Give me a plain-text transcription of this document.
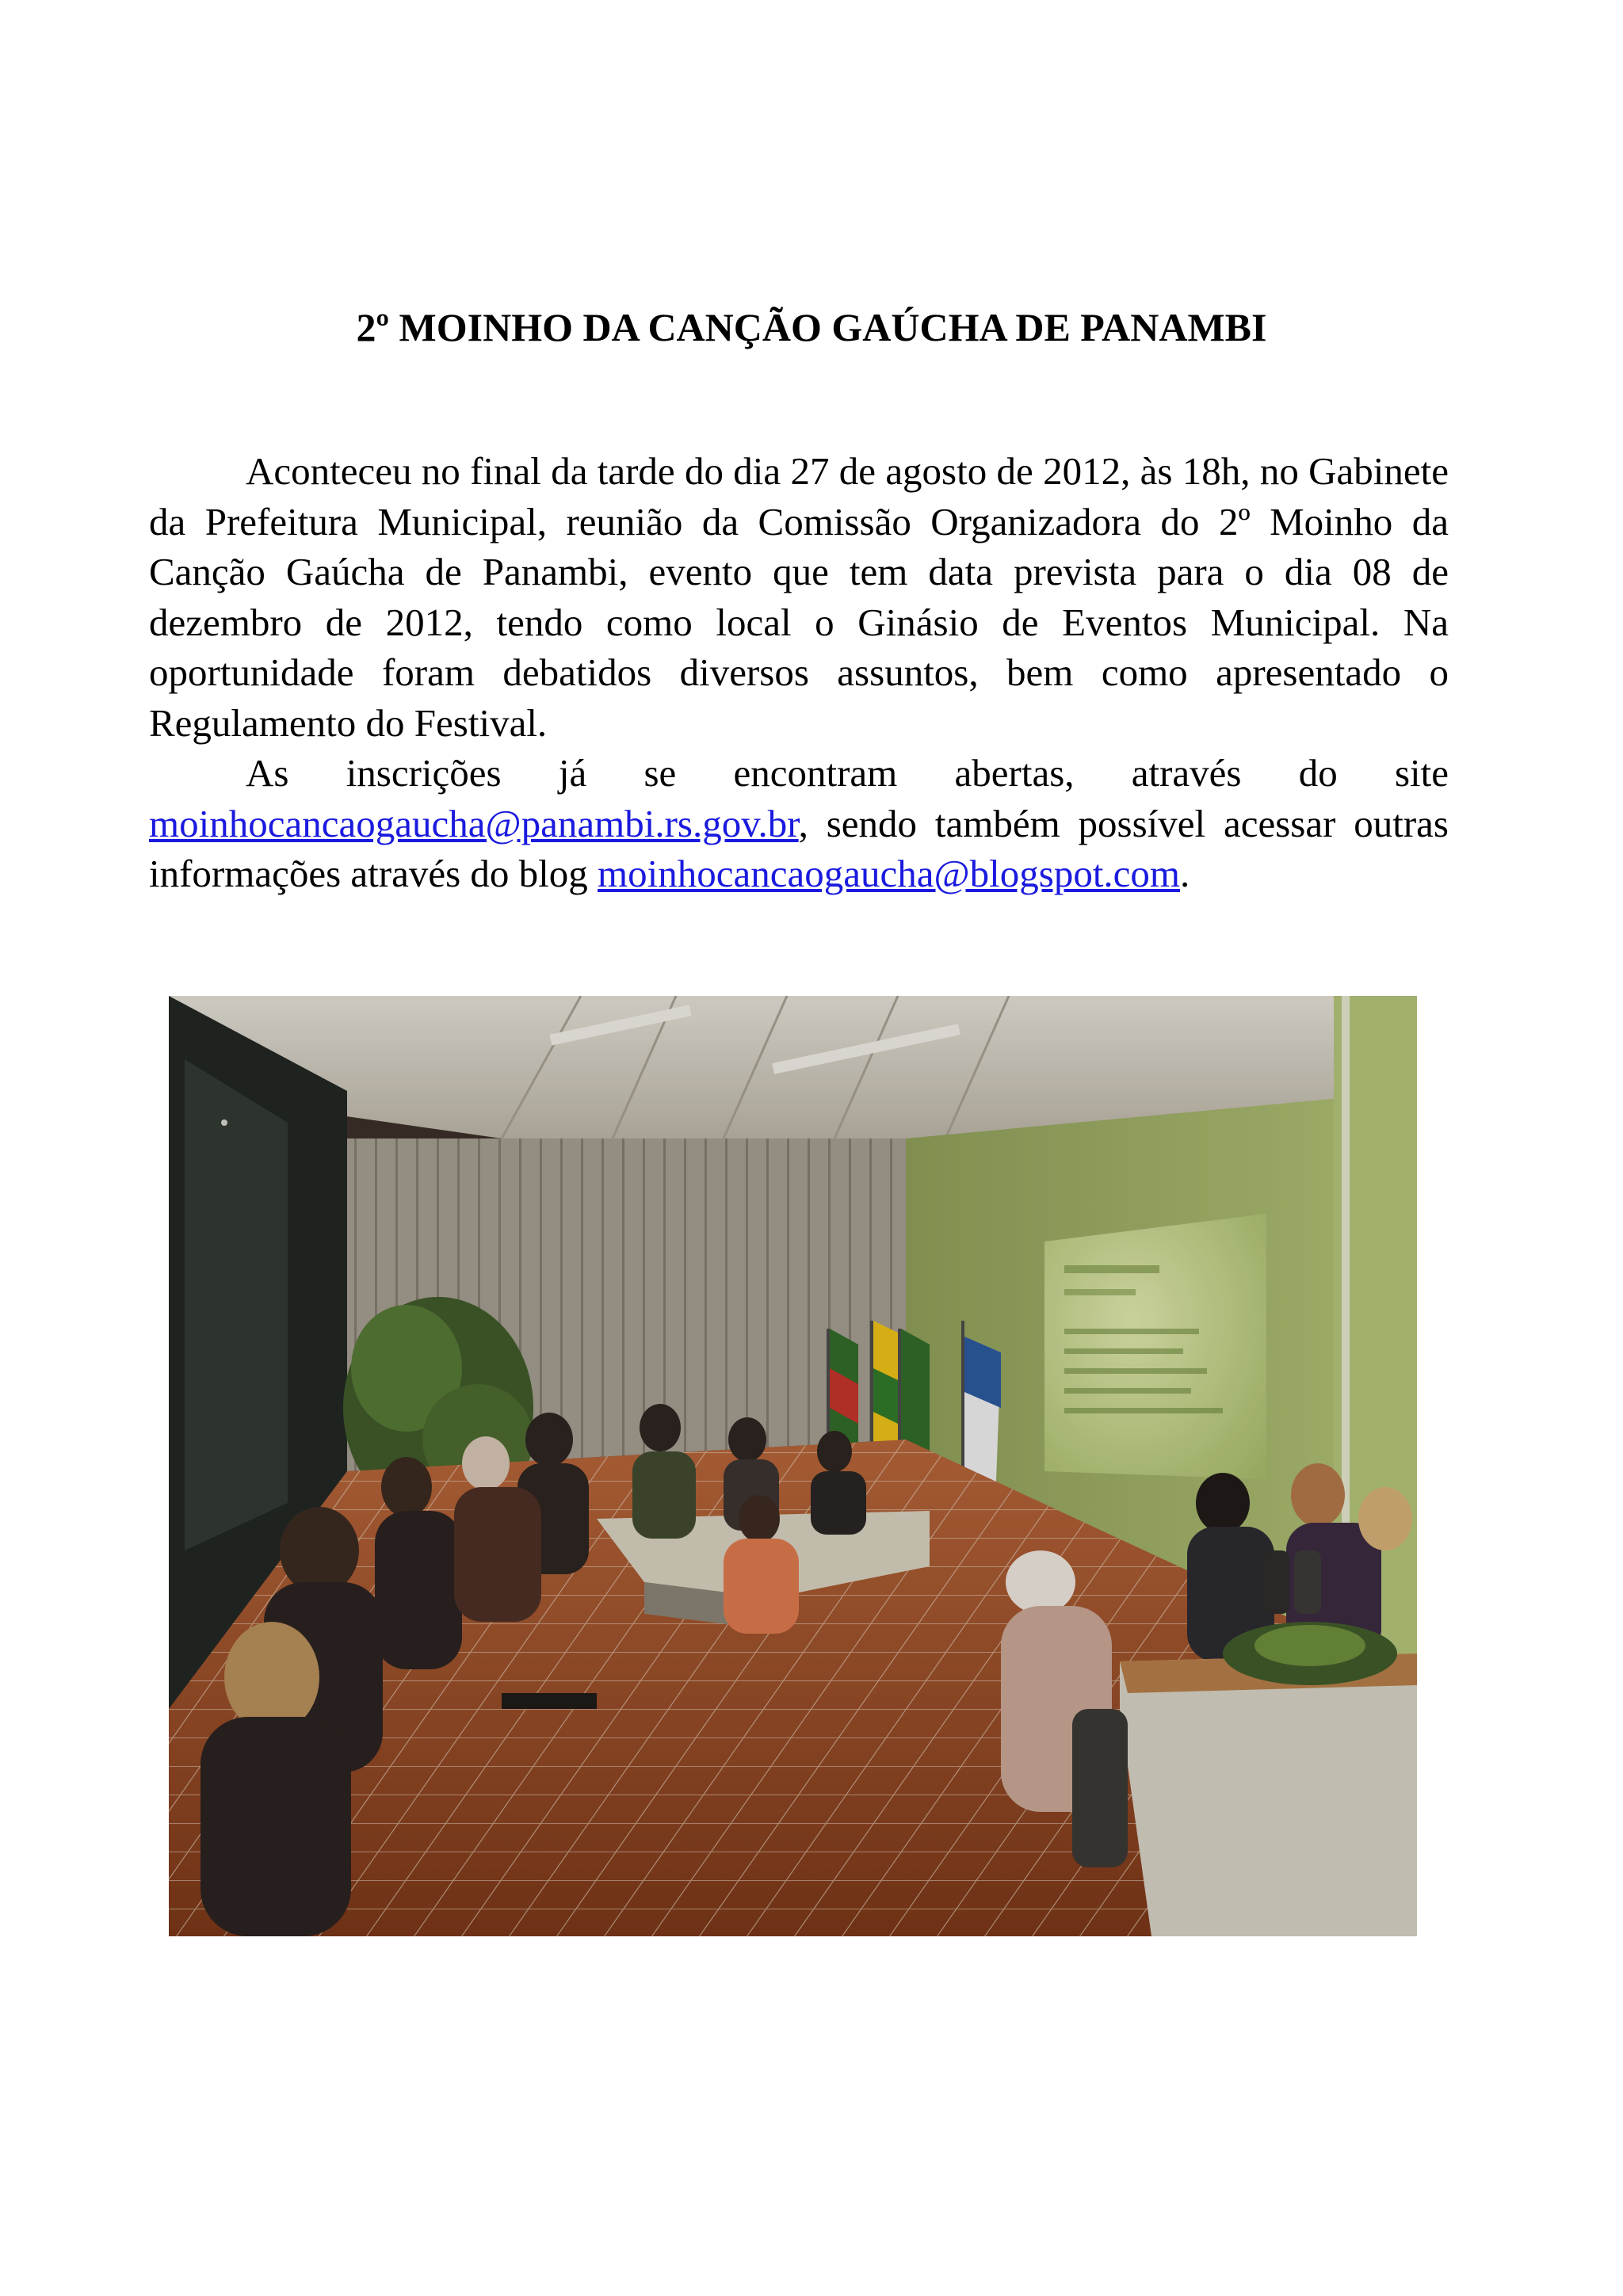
2º MOINHO DA CANÇÃO GAÚCHA DE PANAMBI

Aconteceu no final da tarde do dia 27 de agosto de 2012, às 18h, no Gabinete da Prefeitura Municipal, reunião da Comissão Organizadora do 2º Moinho da Canção Gaúcha de Panambi, evento que tem data prevista para o dia 08 de dezembro de 2012, tendo como local o Ginásio de Eventos Municipal. Na oportunidade foram debatidos diversos assuntos, bem como apresentado o Regulamento do Festival.

As inscrições já se encontram abertas, através do site moinhocancaogaucha@panambi.rs.gov.br, sendo também possível acessar outras informações através do blog moinhocancaogaucha@blogspot.com.
